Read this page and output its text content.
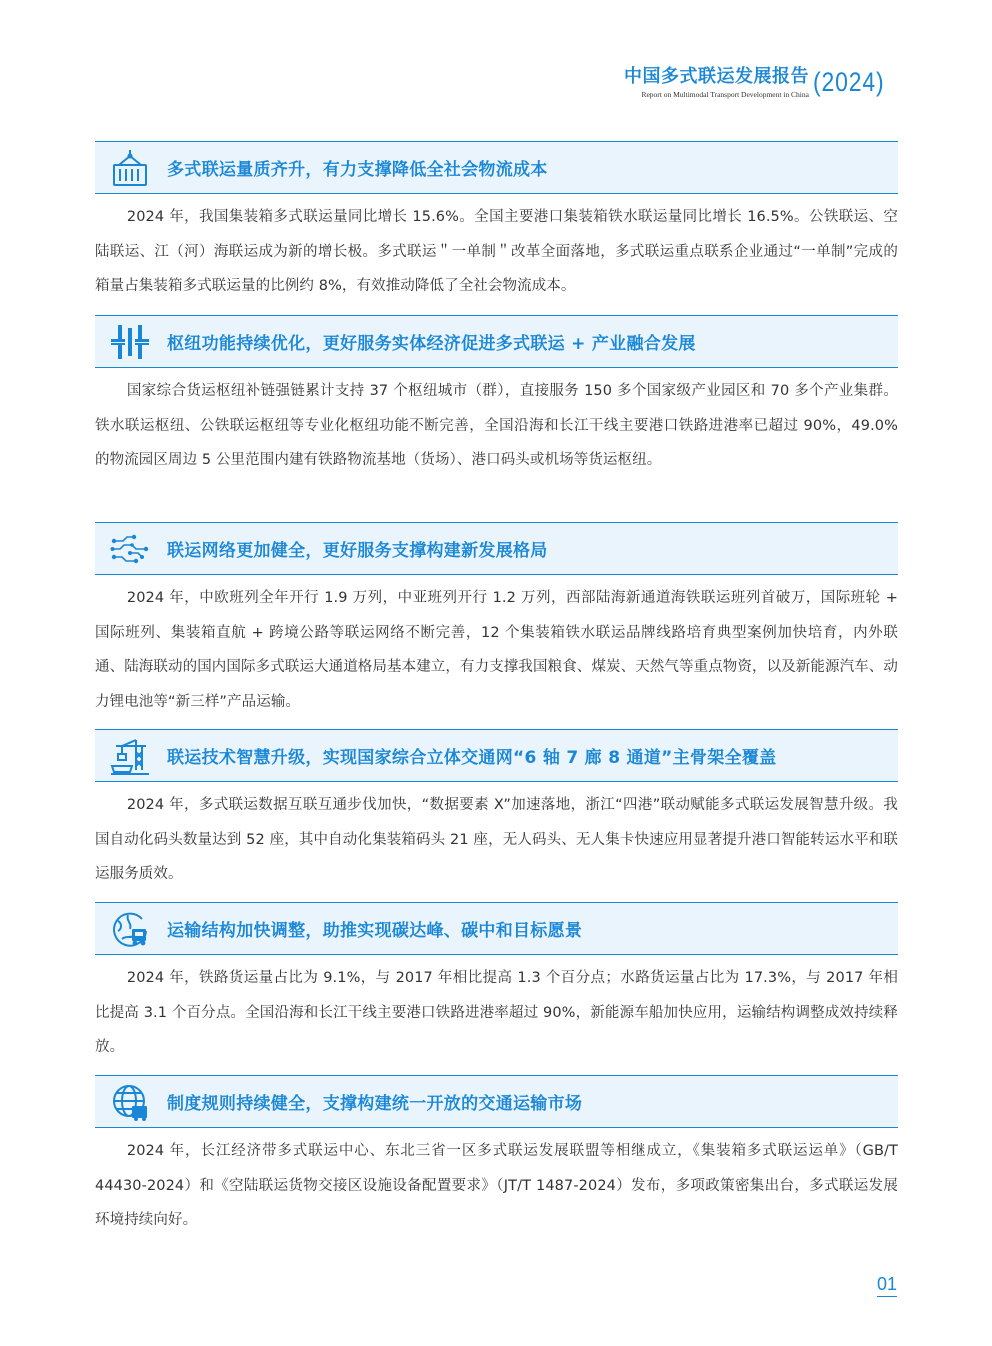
中国多式联运发展报告
Report on Multimodal Transport Development in China (2024)
多式联运量质齐升，有力支撑降低全社会物流成本

2024 年，我国集装箱多式联运量同比增长 15.6%。全国主要港口集装箱铁水联运量同比增长 16.5%。公铁联运、空陆联运、江（河）海联运成为新的增长极。多式联运＂一单制＂改革全面落地，多式联运重点联系企业通过“一单制”完成的箱量占集装箱多式联运量的比例约 8%，有效推动降低了全社会物流成本。

枢纽功能持续优化，更好服务实体经济促进多式联运 + 产业融合发展

国家综合货运枢纽补链强链累计支持 37 个枢纽城市（群），直接服务 150 多个国家级产业园区和 70 多个产业集群。铁水联运枢纽、公铁联运枢纽等专业化枢纽功能不断完善，全国沿海和长江干线主要港口铁路进港率已超过 90%，49.0% 的物流园区周边 5 公里范围内建有铁路物流基地（货场）、港口码头或机场等货运枢纽。

联运网络更加健全，更好服务支撑构建新发展格局

2024 年，中欧班列全年开行 1.9 万列，中亚班列开行 1.2 万列，西部陆海新通道海铁联运班列首破万，国际班轮 + 国际班列、集装箱直航 + 跨境公路等联运网络不断完善，12 个集装箱铁水联运品牌线路培育典型案例加快培育，内外联通、陆海联动的国内国际多式联运大通道格局基本建立，有力支撑我国粮食、煤炭、天然气等重点物资，以及新能源汽车、动力锂电池等“新三样”产品运输。

联运技术智慧升级，实现国家综合立体交通网“6 轴 7 廊 8 通道”主骨架全覆盖

2024 年，多式联运数据互联互通步伐加快，“数据要素 X”加速落地，浙江“四港”联动赋能多式联运发展智慧升级。我国自动化码头数量达到 52 座，其中自动化集装箱码头 21 座，无人码头、无人集卡快速应用显著提升港口智能转运水平和联运服务质效。

运输结构加快调整，助推实现碳达峰、碳中和目标愿景

2024 年，铁路货运量占比为 9.1%，与 2017 年相比提高 1.3 个百分点；水路货运量占比为 17.3%，与 2017 年相比提高 3.1 个百分点。全国沿海和长江干线主要港口铁路进港率超过 90%，新能源车船加快应用，运输结构调整成效持续释放。

制度规则持续健全，支撑构建统一开放的交通运输市场

2024 年，长江经济带多式联运中心、东北三省一区多式联运发展联盟等相继成立，《集装箱多式联运运单》（GB/T 44430-2024）和《空陆联运货物交接区设施设备配置要求》（JT/T 1487-2024）发布，多项政策密集出台，多式联运发展环境持续向好。

01
